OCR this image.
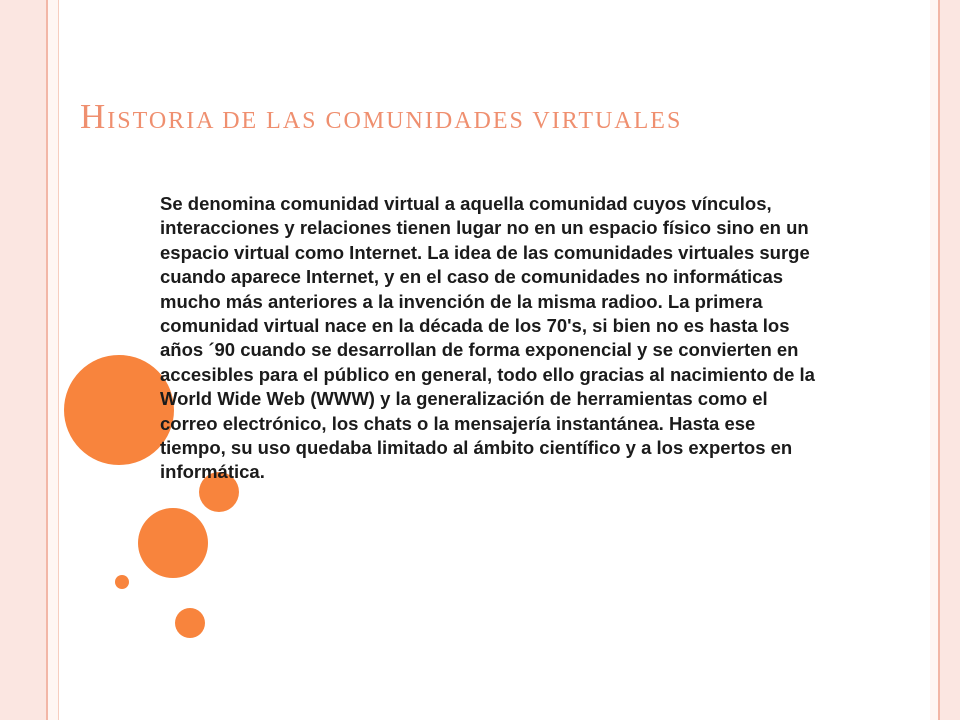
HISTORIA DE LAS COMUNIDADES VIRTUALES

Se denomina comunidad virtual a aquella comunidad cuyos vínculos, interacciones y relaciones tienen lugar no en un espacio físico sino en un espacio virtual como Internet. La idea de las comunidades virtuales surge cuando aparece Internet, y en el caso de comunidades no informáticas mucho más anteriores a la invención de la misma radioo. La primera comunidad virtual nace en la década de los 70's, si bien no es hasta los años ´90 cuando se desarrollan de forma exponencial y se convierten en accesibles para el público en general, todo ello gracias al nacimiento de la World Wide Web (WWW) y la generalización de herramientas como el correo electrónico, los chats o la mensajería instantánea. Hasta ese tiempo, su uso quedaba limitado al ámbito científico y a los expertos en informática.
